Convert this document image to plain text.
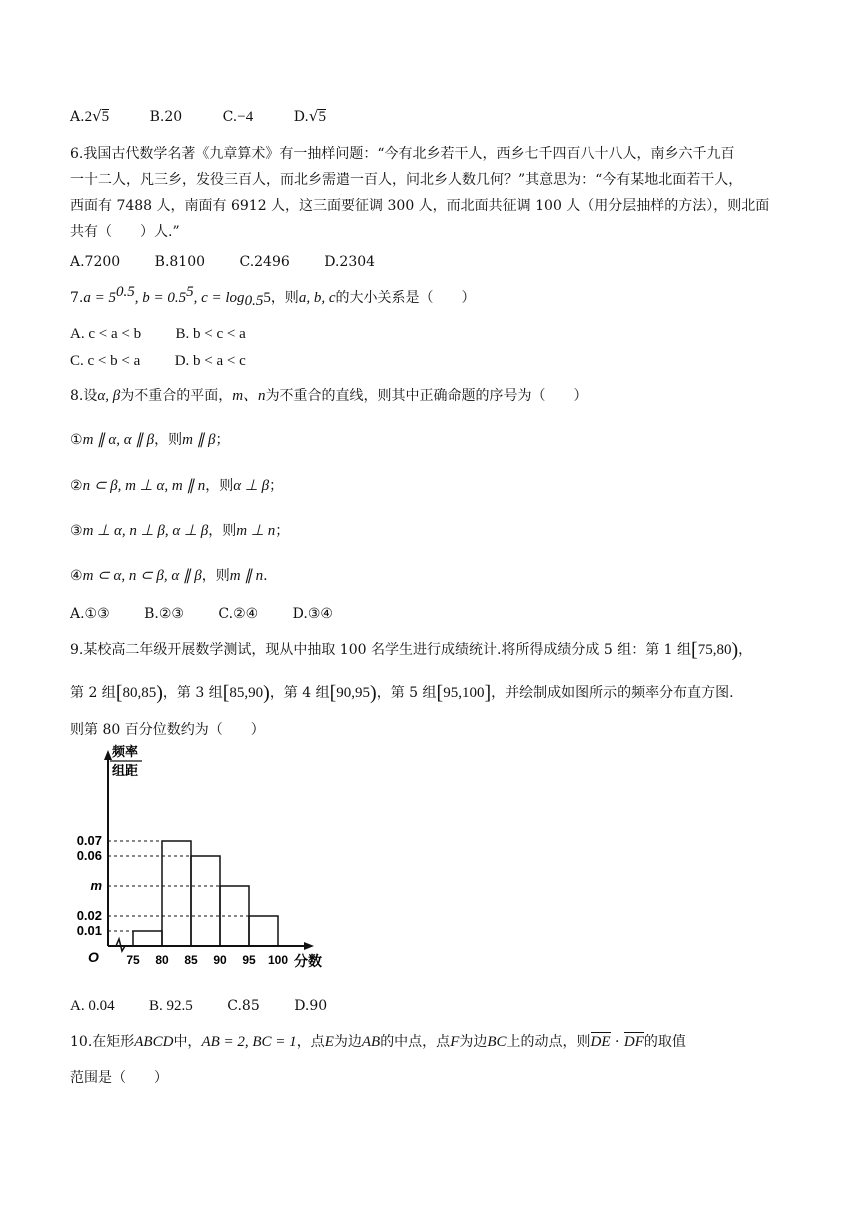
A.2√5	B.20	C.−4	D.√5
6.我国古代数学名著《九章算术》有一抽样问题：“今有北乡若干人，西乡七千四百八十八人，南乡六千九百
一十二人，凡三乡，发役三百人，而北乡需遣一百人，问北乡人数几何？”其意思为：“今有某地北面若干人，
西面有 7488 人，南面有 6912 人，这三面要征调 300 人，而北面共征调 100 人（用分层抽样的方法），则北面
共有（　　）人.”
A.7200 B.8100 C.2496 D.2304
$7.a = 5^{0.5}$, $b = 0.5^5$, $c = \log_{0.5}5$，则a, b, c的大小关系是（　　）
A. c < a < b B. b < c < a
C. c < b < a D. b < a < c
8.设α, β为不重合的平面，m、n为不重合的直线，则其中正确命题的序号为（　　）
①m ∥ α, α ∥ β，则m ∥ β；
②n ⊂ β, m ⊥ α, m ∥ n，则α ⊥ β；
③m ⊥ α, n ⊥ β, α ⊥ β，则m ⊥ n；
④m ⊂ α, n ⊂ β, α ∥ β，则m ∥ n.
A.①③ B.②③ C.②④ D.③④
9.某校高二年级开展数学测试，现从中抽取 100 名学生进行成绩统计.将所得成绩分成 5 组：第 1 组[75,80)，
第 2 组[80,85)，第 3 组[85,90)，第 4 组[90,95)，第 5 组[95,100]，并绘制成如图所示的频率分布直方图.
则第 80 百分位数约为（　　）
频率
组距
0.07
0.06
m
0.02
0.01
O 75 80 85 90 95 100 分数
A. 0.04 B. 92.5 C.85 D.90
10.在矩形ABCD中，AB = 2, BC = 1，点E为边AB的中点，点F为边BC上的动点，则DE · DF的取值
范围是（　　）
